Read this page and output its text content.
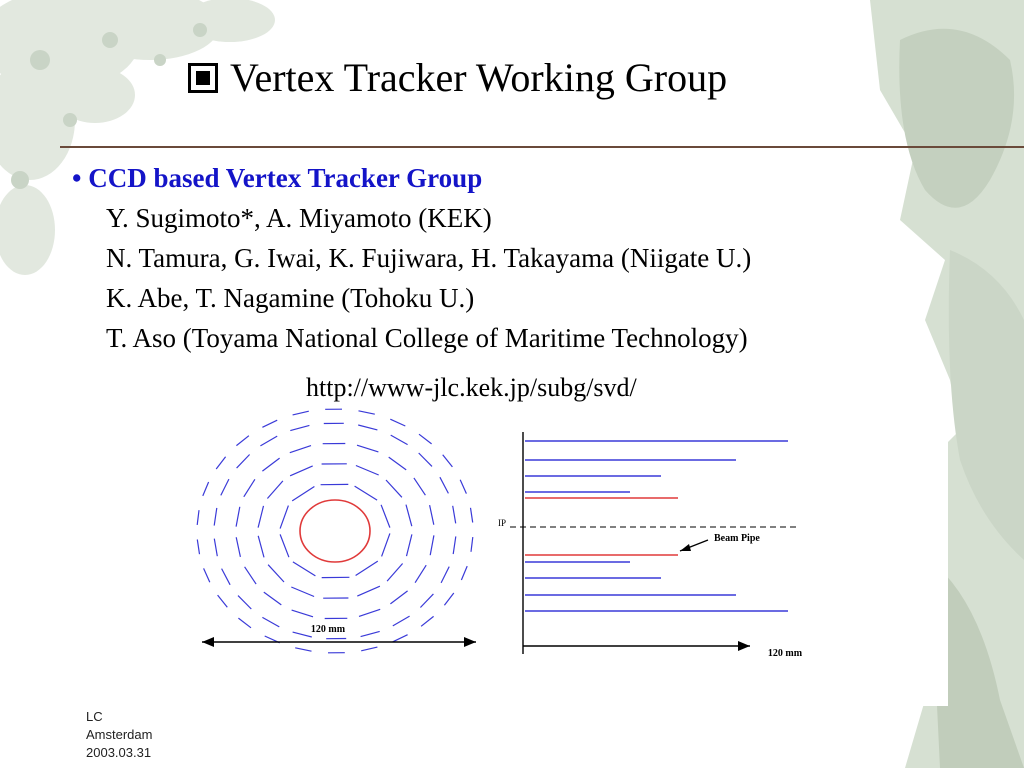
Vertex Tracker Working Group
• CCD based Vertex Tracker Group
Y. Sugimoto*, A. Miyamoto (KEK)
N. Tamura, G. Iwai, K. Fujiwara, H. Takayama (Niigate U.)
K. Abe, T. Nagamine (Tohoku U.)
T. Aso (Toyama National College of Maritime Technology)
http://www-jlc.kek.jp/subg/svd/
120 mm
IP
Beam Pipe
120 mm
LC
Amsterdam
2003.03.31
